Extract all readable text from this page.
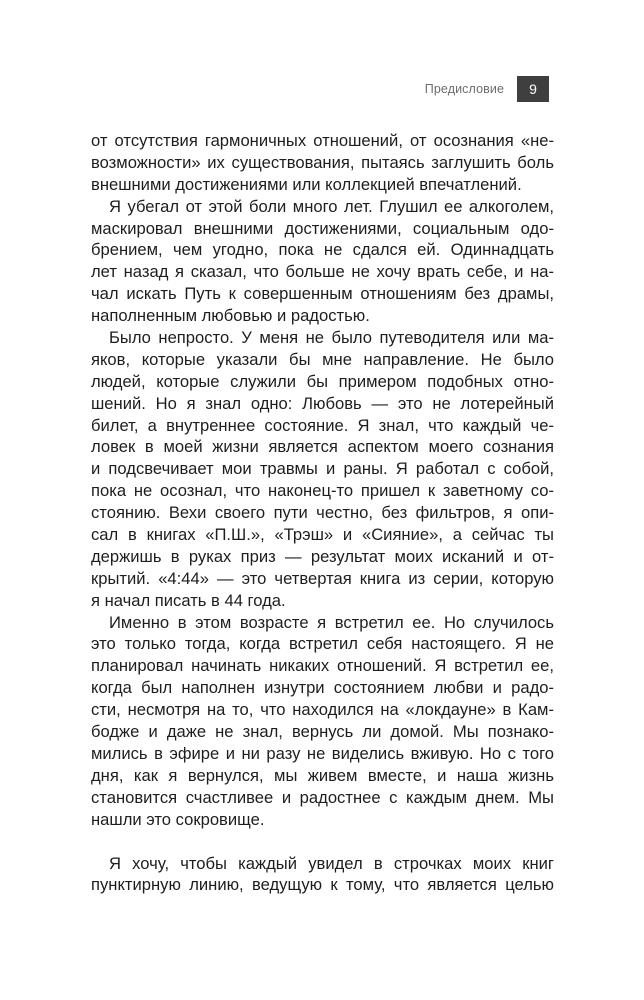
Предисловие	9
от отсутствия гармоничных отношений, от осознания «не-
возможности» их существования, пытаясь заглушить боль
внешними достижениями или коллекцией впечатлений.
Я убегал от этой боли много лет. Глушил ее алкоголем,
маскировал внешними достижениями, социальным одо-
брением, чем угодно, пока не сдался ей. Одиннадцать
лет назад я сказал, что больше не хочу врать себе, и на-
чал искать Путь к совершенным отношениям без драмы,
наполненным любовью и радостью.
Было непросто. У меня не было путеводителя или ма-
яков, которые указали бы мне направление. Не было
людей, которые служили бы примером подобных отно-
шений. Но я знал одно: Любовь — это не лотерейный
билет, а внутреннее состояние. Я знал, что каждый че-
ловек в моей жизни является аспектом моего сознания
и подсвечивает мои травмы и раны. Я работал с собой,
пока не осознал, что наконец-то пришел к заветному со-
стоянию. Вехи своего пути честно, без фильтров, я опи-
сал в книгах «П.Ш.», «Трэш» и «Сияние», а сейчас ты
держишь в руках приз — результат моих исканий и от-
крытий. «4:44» — это четвертая книга из серии, которую
я начал писать в 44 года.
Именно в этом возрасте я встретил ее. Но случилось
это только тогда, когда встретил себя настоящего. Я не
планировал начинать никаких отношений. Я встретил ее,
когда был наполнен изнутри состоянием любви и радо-
сти, несмотря на то, что находился на «локдауне» в Кам-
бодже и даже не знал, вернусь ли домой. Мы познако-
мились в эфире и ни разу не виделись вживую. Но с того
дня, как я вернулся, мы живем вместе, и наша жизнь
становится счастливее и радостнее с каждым днем. Мы
нашли это сокровище.
Я хочу, чтобы каждый увидел в строчках моих книг
пунктирную линию, ведущую к тому, что является целью
